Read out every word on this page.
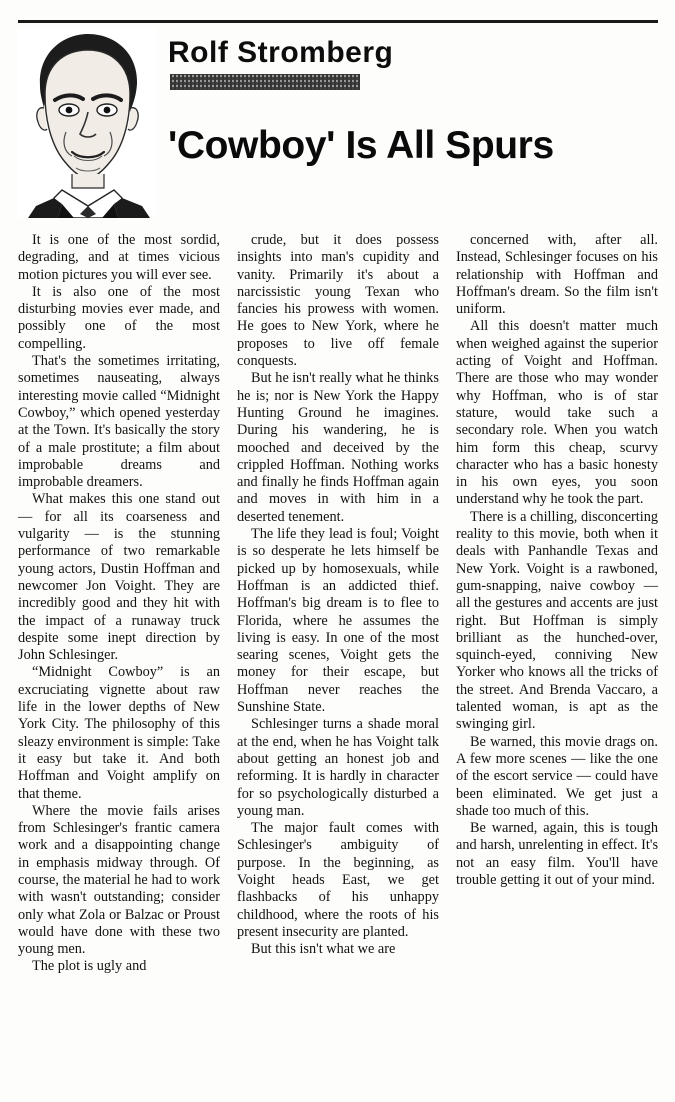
Rolf Stromberg
'Cowboy' Is All Spurs

It is one of the most sordid, degrading, and at times vicious motion pictures you will ever see.

It is also one of the most disturbing movies ever made, and possibly one of the most compelling.

That's the sometimes irritating, sometimes nauseating, always interesting movie called “Midnight Cowboy,” which opened yesterday at the Town. It's basically the story of a male prostitute; a film about improbable dreams and improbable dreamers.

What makes this one stand out — for all its coarseness and vulgarity — is the stunning performance of two remarkable young actors, Dustin Hoffman and newcomer Jon Voight. They are incredibly good and they hit with the impact of a runaway truck despite some inept direction by John Schlesinger.

“Midnight Cowboy” is an excruciating vignette about raw life in the lower depths of New York City. The philosophy of this sleazy environment is simple: Take it easy but take it. And both Hoffman and Voight amplify on that theme.

Where the movie fails arises from Schlesinger's frantic camera work and a disappointing change in emphasis midway through. Of course, the material he had to work with wasn't outstanding; consider only what Zola or Balzac or Proust would have done with these two young men.

The plot is ugly and

crude, but it does possess insights into man's cupidity and vanity. Primarily it's about a narcissistic young Texan who fancies his prowess with women. He goes to New York, where he proposes to live off female conquests.

But he isn't really what he thinks he is; nor is New York the Happy Hunting Ground he imagines. During his wandering, he is mooched and deceived by the crippled Hoffman. Nothing works and finally he finds Hoffman again and moves in with him in a deserted tenement.

The life they lead is foul; Voight is so desperate he lets himself be picked up by homosexuals, while Hoffman is an addicted thief. Hoffman's big dream is to flee to Florida, where he assumes the living is easy. In one of the most searing scenes, Voight gets the money for their escape, but Hoffman never reaches the Sunshine State.

Schlesinger turns a shade moral at the end, when he has Voight talk about getting an honest job and reforming. It is hardly in character for so psychologically disturbed a young man.

The major fault comes with Schlesinger's ambiguity of purpose. In the beginning, as Voight heads East, we get flashbacks of his unhappy childhood, where the roots of his present insecurity are planted.

But this isn't what we are

concerned with, after all. Instead, Schlesinger focuses on his relationship with Hoffman and Hoffman's dream. So the film isn't uniform.

All this doesn't matter much when weighed against the superior acting of Voight and Hoffman. There are those who may wonder why Hoffman, who is of star stature, would take such a secondary role. When you watch him form this cheap, scurvy character who has a basic honesty in his own eyes, you soon understand why he took the part.

There is a chilling, disconcerting reality to this movie, both when it deals with Panhandle Texas and New York. Voight is a rawboned, gum-snapping, naive cowboy — all the gestures and accents are just right. But Hoffman is simply brilliant as the hunched-over, squinch-eyed, conniving New Yorker who knows all the tricks of the street. And Brenda Vaccaro, a talented woman, is apt as the swinging girl.

Be warned, this movie drags on. A few more scenes — like the one of the escort service — could have been eliminated. We get just a shade too much of this.

Be warned, again, this is tough and harsh, unrelenting in effect. It's not an easy film. You'll have trouble getting it out of your mind.
